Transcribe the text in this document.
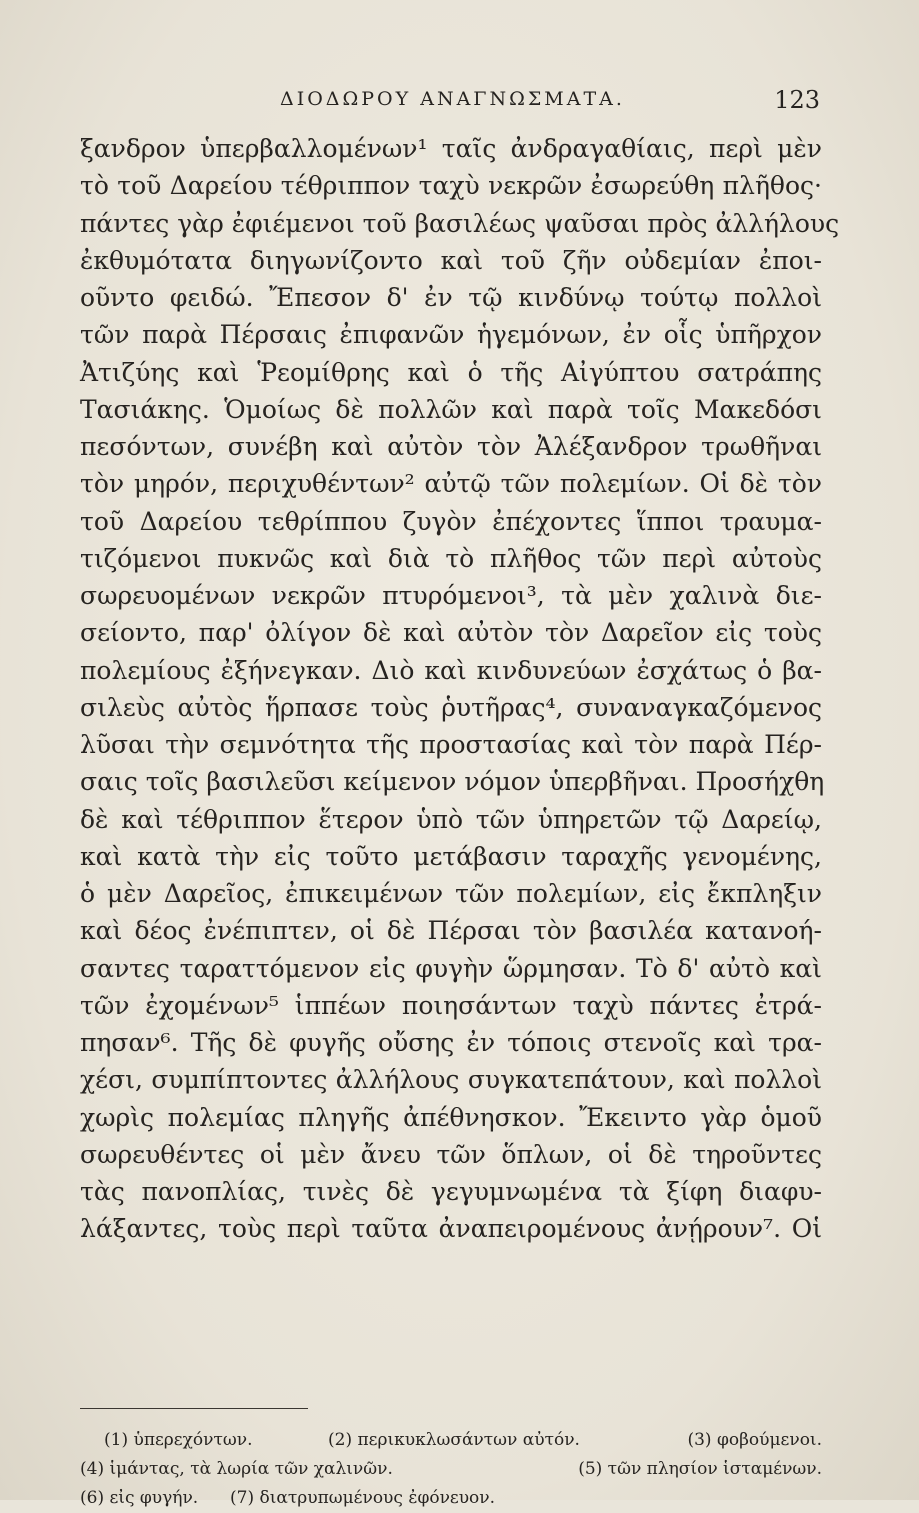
ΔΙΟΔΩΡΟΥ ΑΝΑΓΝΩΣΜΑΤΑ.	123
ξανδρον ὑπερβαλλομένων¹ ταῖς ἀνδραγαθίαις, περὶ μὲν
τὸ τοῦ Δαρείου τέθριππον ταχὺ νεκρῶν ἐσωρεύθη πλῆθος·
πάντες γὰρ ἐφιέμενοι τοῦ βασιλέως ψαῦσαι πρὸς ἀλλήλους
ἐκθυμότατα διηγωνίζοντο καὶ τοῦ ζῆν οὐδεμίαν ἐποι-
οῦντο φειδώ. Ἔπεσον δ' ἐν τῷ κινδύνῳ τούτῳ πολλοὶ
τῶν παρὰ Πέρσαις ἐπιφανῶν ἡγεμόνων, ἐν οἷς ὑπῆρχον
Ἀτιζύης καὶ Ῥεομίθρης καὶ ὁ τῆς Αἰγύπτου σατράπης
Τασιάκης. Ὁμοίως δὲ πολλῶν καὶ παρὰ τοῖς Μακεδόσι
πεσόντων, συνέβη καὶ αὐτὸν τὸν Ἀλέξανδρον τρωθῆναι
τὸν μηρόν, περιχυθέντων² αὐτῷ τῶν πολεμίων. Οἱ δὲ τὸν
τοῦ Δαρείου τεθρίππου ζυγὸν ἐπέχοντες ἵπποι τραυμα-
τιζόμενοι πυκνῶς καὶ διὰ τὸ πλῆθος τῶν περὶ αὐτοὺς
σωρευομένων νεκρῶν πτυρόμενοι³, τὰ μὲν χαλινὰ διε-
σείοντο, παρ' ὀλίγον δὲ καὶ αὐτὸν τὸν Δαρεῖον εἰς τοὺς
πολεμίους ἐξήνεγκαν. Διὸ καὶ κινδυνεύων ἐσχάτως ὁ βα-
σιλεὺς αὐτὸς ἥρπασε τοὺς ῥυτῆρας⁴, συναναγκαζόμενος
λῦσαι τὴν σεμνότητα τῆς προστασίας καὶ τὸν παρὰ Πέρ-
σαις τοῖς βασιλεῦσι κείμενον νόμον ὑπερβῆναι. Προσήχθη
δὲ καὶ τέθριππον ἕτερον ὑπὸ τῶν ὑπηρετῶν τῷ Δαρείῳ,
καὶ κατὰ τὴν εἰς τοῦτο μετάβασιν ταραχῆς γενομένης,
ὁ μὲν Δαρεῖος, ἐπικειμένων τῶν πολεμίων, εἰς ἔκπληξιν
καὶ δέος ἐνέπιπτεν, οἱ δὲ Πέρσαι τὸν βασιλέα κατανοή-
σαντες ταραττόμενον εἰς φυγὴν ὥρμησαν. Τὸ δ' αὐτὸ καὶ
τῶν ἐχομένων⁵ ἱππέων ποιησάντων ταχὺ πάντες ἐτρά-
πησαν⁶. Τῆς δὲ φυγῆς οὔσης ἐν τόποις στενοῖς καὶ τρα-
χέσι, συμπίπτοντες ἀλλήλους συγκατεπάτουν, καὶ πολλοὶ
χωρὶς πολεμίας πληγῆς ἀπέθνησκον. Ἔκειντο γὰρ ὁμοῦ
σωρευθέντες οἱ μὲν ἄνευ τῶν ὅπλων, οἱ δὲ τηροῦντες
τὰς πανοπλίας, τινὲς δὲ γεγυμνωμένα τὰ ξίφη διαφυ-
λάξαντες, τοὺς περὶ ταῦτα ἀναπειρομένους ἀνῄρουν⁷. Οἱ
(1) ὑπερεχόντων.	(2) περικυκλωσάντων αὐτόν.	(3) φοβούμενοι.
(4) ἱμάντας, τὰ λωρία τῶν χαλινῶν.	(5) τῶν πλησίον ἱσταμένων.
(6) εἰς φυγήν. (7) διατρυπωμένους ἐφόνευον.
